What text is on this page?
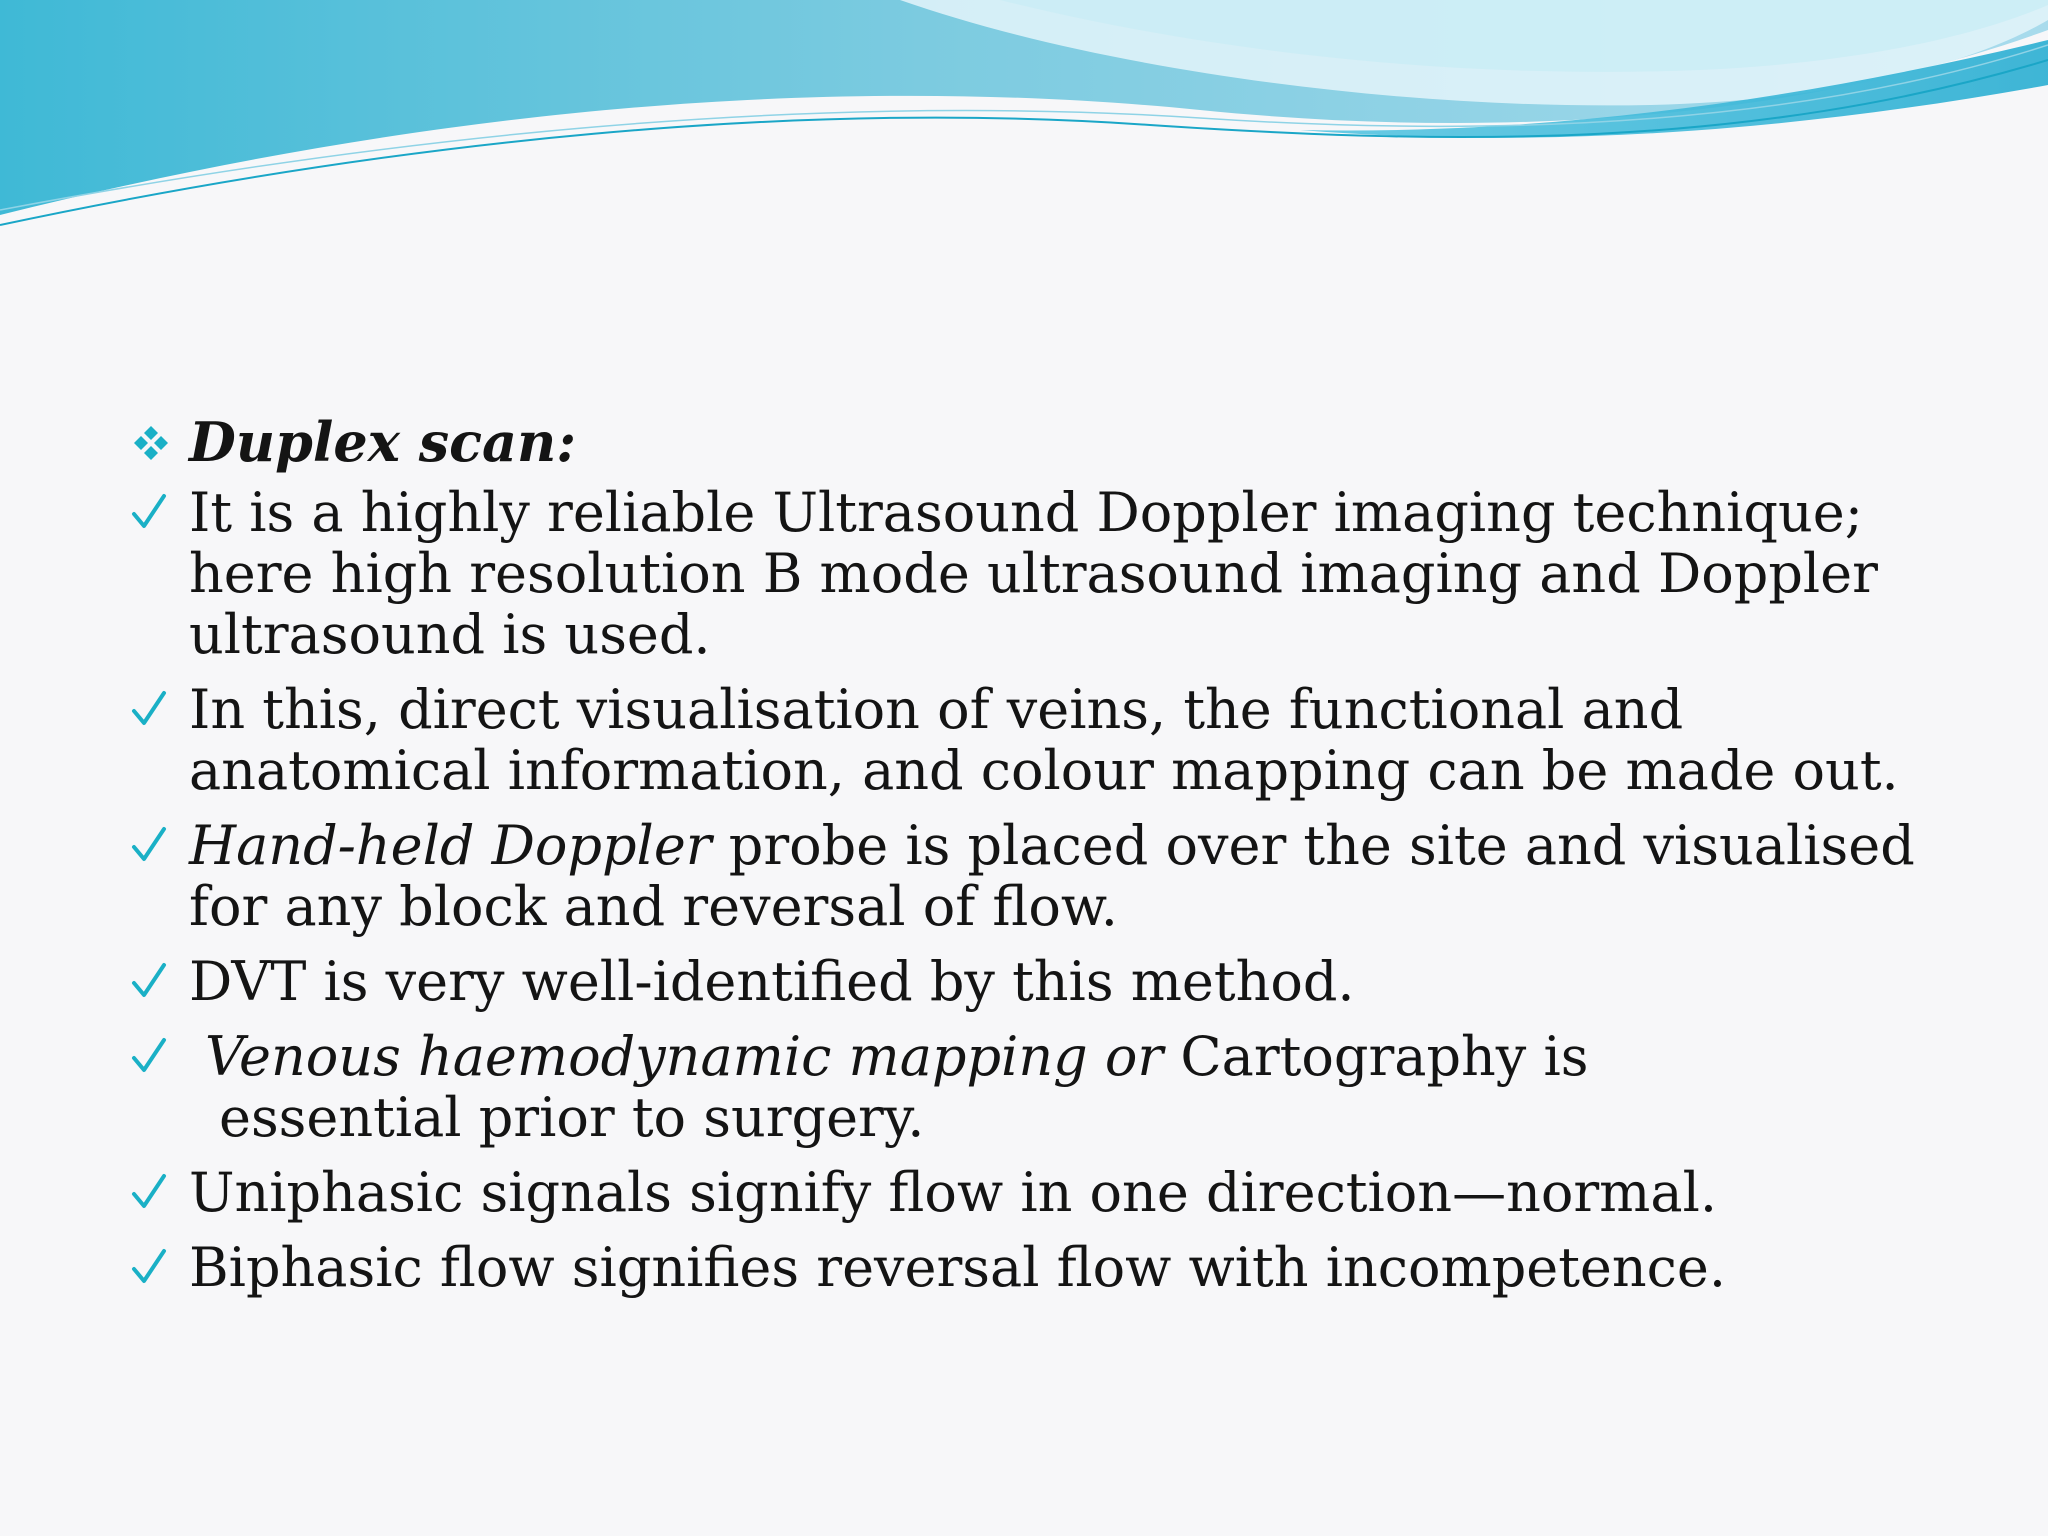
Duplex scan:
It is a highly reliable Ultrasound Doppler imaging technique;
here high resolution B mode ultrasound imaging and Doppler
ultrasound is used.
In this, direct visualisation of veins, the functional and
anatomical information, and colour mapping can be made out.
Hand-held Doppler probe is placed over the site and visualised
for any block and reversal of flow.
DVT is very well-identified by this method.
Venous haemodynamic mapping or Cartography is
essential prior to surgery.
Uniphasic signals signify flow in one direction—normal.
Biphasic flow signifies reversal flow with incompetence.
